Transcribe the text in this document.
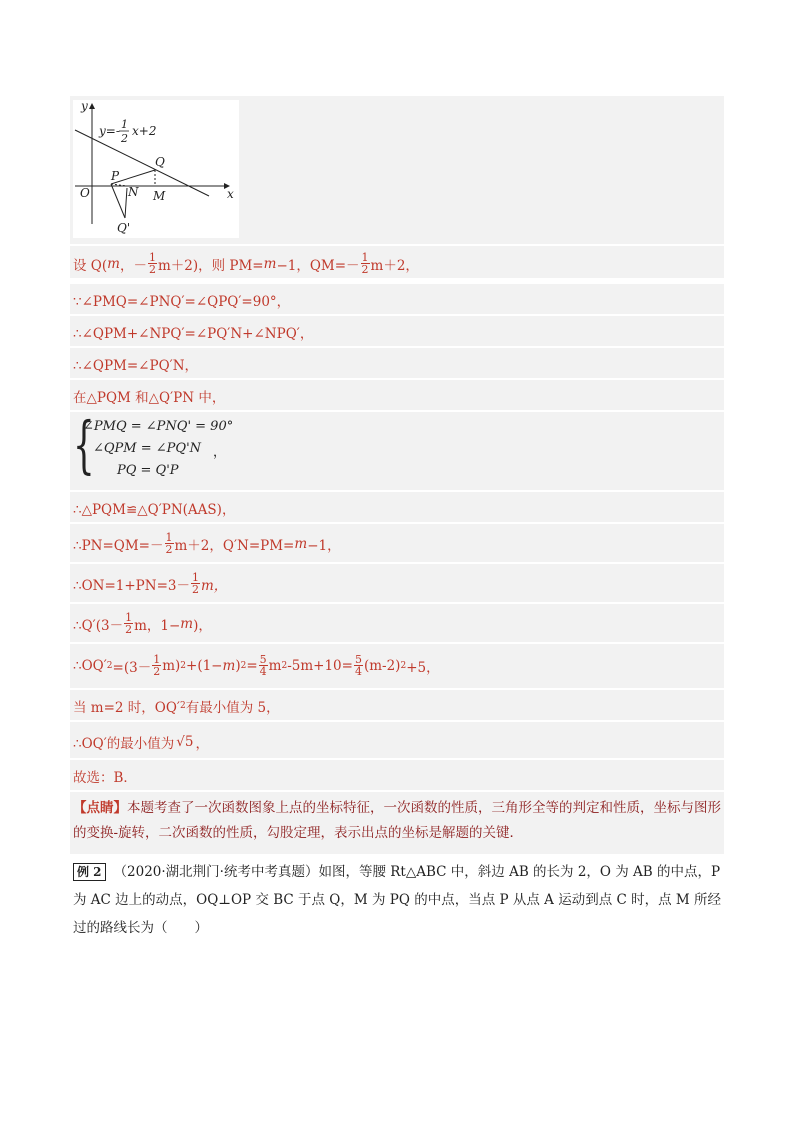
y
x
y=- 1
2
x+2
O
P
N
Q
M
Q'
设 Q( m ，－ $\frac{1}{2} m+2$)，则 PM= m −1，$QM=- \frac{1}{2} m+2$，
∵∠PMQ=∠PNQ′=∠QPQ′=90°，
∴∠QPM+∠NPQ′=∠PQ′N+∠NPQ′，
∴∠QPM=∠PQ′N，
在△PQM 和△Q′PN 中，
{
∠PMQ = ∠PNQ' = 90°
∠QPM = ∠PQ'N
PQ = Q'P
，
∴△PQM≌△Q′PN(AAS)，
∴PN=QM=－ $\frac{1}{2} m+2$，Q′N=PM= m −1，
∴ON=1+PN=3－ $\frac{1}{2}$ m，
∴Q′(3－ $\frac{1}{2}$ m，1− m )，
∴OQ′ $2 =(3- \frac{1}{2} m)$ 2 +(1− m ) $2 = \frac{5}{4}$ m 2 $-5m+10= \frac{5}{4} (m-2)$ 2 +5，
当 m=2 时，OQ′ 2 有最小值为 5，
∴OQ′的最小值为 √5 ，
故选：B．
【点睛】本题考查了一次函数图象上点的坐标特征，一次函数的性质，三角形全等的判定和性质，坐标与图形的变换-旋转，二次函数的性质，勾股定理，表示出点的坐标是解题的关键．
例 2 （2020·湖北荆门·统考中考真题）如图，等腰 Rt△ABC 中，斜边 AB 的长为 2，O 为 AB 的中点，P 为 AC 边上的动点，OQ⊥OP 交 BC 于点 Q，M 为 PQ 的中点，当点 P 从点 A 运动到点 C 时，点 M 所经过的路线长为（　　）
